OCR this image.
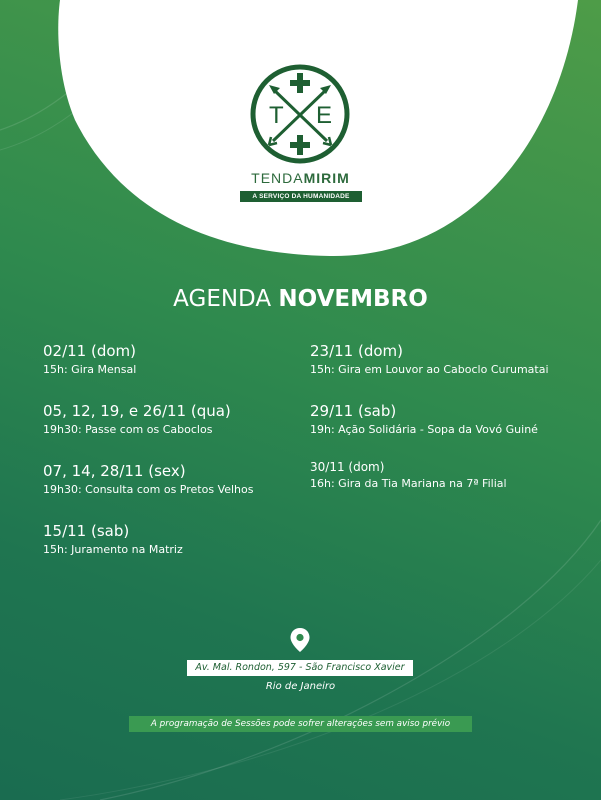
T E
TENDAMIRIM
A SERVIÇO DA HUMANIDADE
AGENDA NOVEMBRO
02/11 (dom)
15h: Gira Mensal
05, 12, 19, e 26/11 (qua)
19h30: Passe com os Caboclos
07, 14, 28/11 (sex)
19h30: Consulta com os Pretos Velhos
15/11 (sab)
15h: Juramento na Matriz
23/11 (dom)
15h: Gira em Louvor ao Caboclo Curumatai
29/11 (sab)
19h: Ação Solidária - Sopa da Vovó Guiné
30/11 (dom)
16h: Gira da Tia Mariana na 7ª Filial
Av. Mal. Rondon, 597 - São Francisco Xavier
Rio de Janeiro
A programação de Sessões pode sofrer alterações sem aviso prévio
